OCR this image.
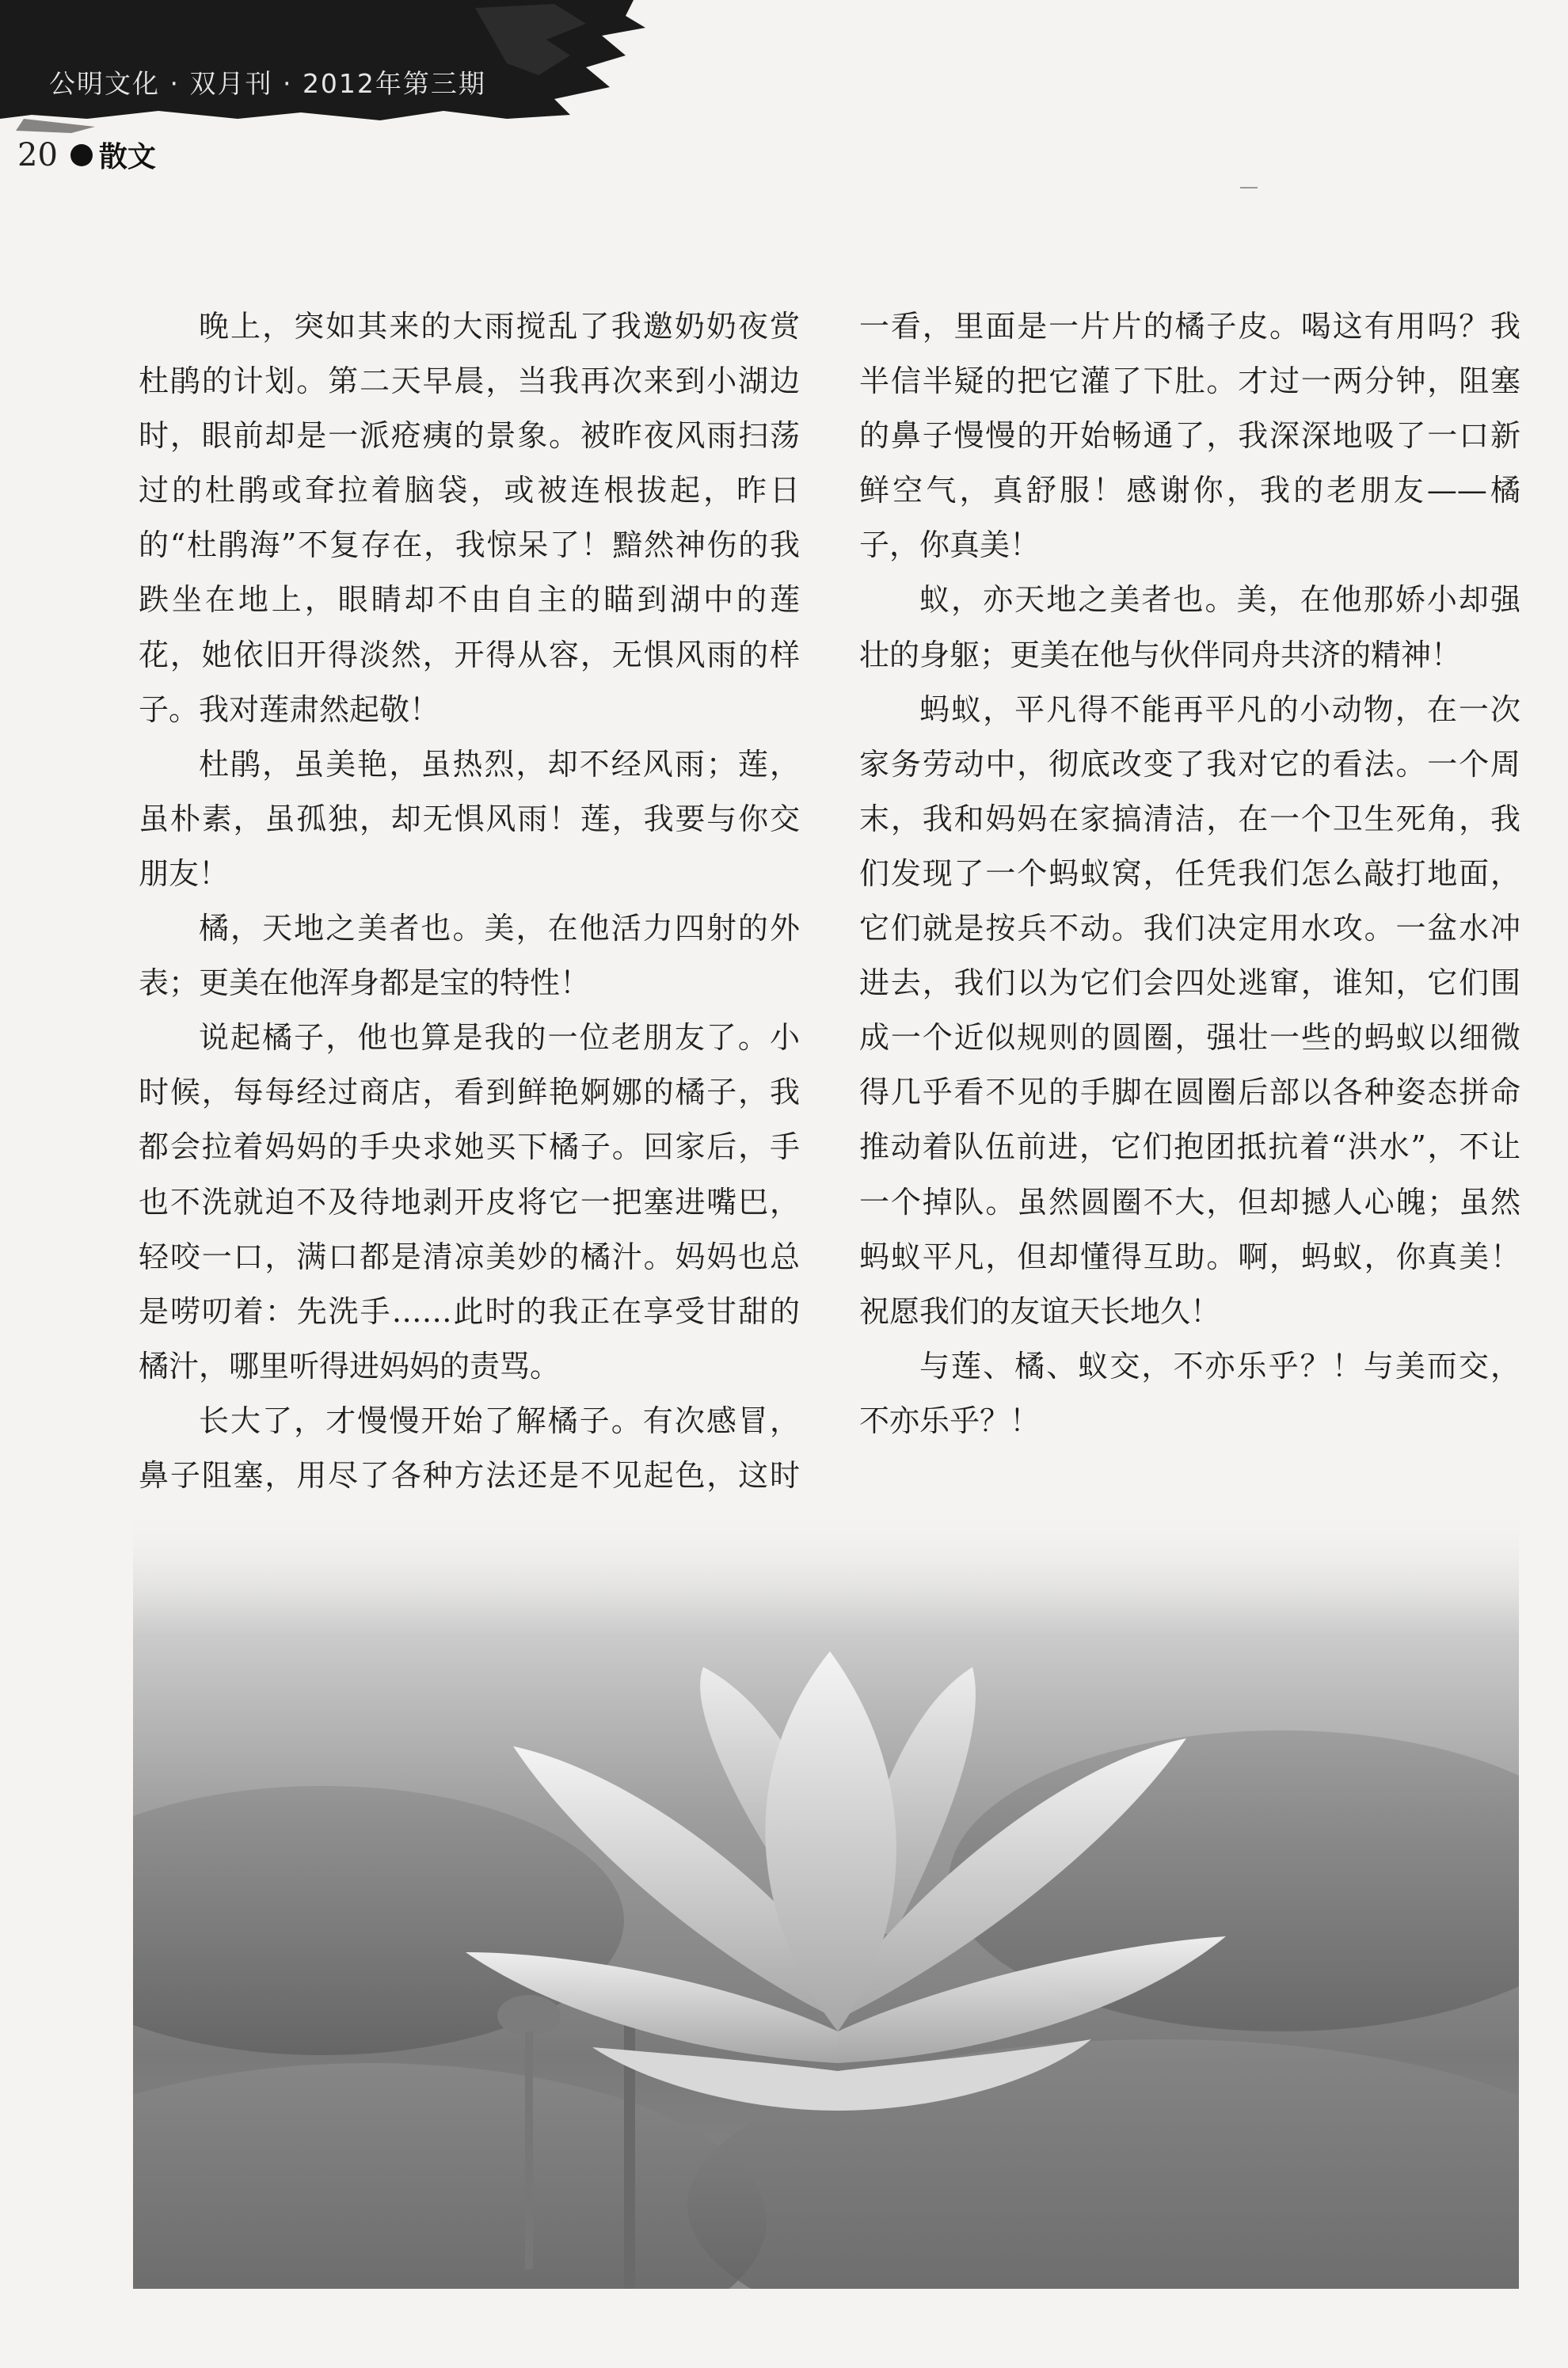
公明文化 · 双月刊 · 2012年第三期
20 散文

晚上，突如其来的大雨搅乱了我邀奶奶夜赏杜鹃的计划。第二天早晨，当我再次来到小湖边时，眼前却是一派疮痍的景象。被昨夜风雨扫荡过的杜鹃或耷拉着脑袋，或被连根拔起，昨日的“杜鹃海”不复存在，我惊呆了！黯然神伤的我跌坐在地上，眼睛却不由自主的瞄到湖中的莲花，她依旧开得淡然，开得从容，无惧风雨的样子。我对莲肃然起敬！

杜鹃，虽美艳，虽热烈，却不经风雨；莲，虽朴素，虽孤独，却无惧风雨！莲，我要与你交朋友！

橘，天地之美者也。美，在他活力四射的外表；更美在他浑身都是宝的特性！

说起橘子，他也算是我的一位老朋友了。小时候，每每经过商店，看到鲜艳婀娜的橘子，我都会拉着妈妈的手央求她买下橘子。回家后，手也不洗就迫不及待地剥开皮将它一把塞进嘴巴，轻咬一口，满口都是清凉美妙的橘汁。妈妈也总是唠叨着：先洗手……此时的我正在享受甘甜的橘汁，哪里听得进妈妈的责骂。

长大了，才慢慢开始了解橘子。有次感冒，鼻子阻塞，用尽了各种方法还是不见起色，这时

一看，里面是一片片的橘子皮。喝这有用吗？我半信半疑的把它灌了下肚。才过一两分钟，阻塞的鼻子慢慢的开始畅通了，我深深地吸了一口新鲜空气，真舒服！感谢你，我的老朋友——橘子，你真美！

蚁，亦天地之美者也。美，在他那娇小却强壮的身躯；更美在他与伙伴同舟共济的精神！

蚂蚁，平凡得不能再平凡的小动物，在一次家务劳动中，彻底改变了我对它的看法。一个周末，我和妈妈在家搞清洁，在一个卫生死角，我们发现了一个蚂蚁窝，任凭我们怎么敲打地面，它们就是按兵不动。我们决定用水攻。一盆水冲进去，我们以为它们会四处逃窜，谁知，它们围成一个近似规则的圆圈，强壮一些的蚂蚁以细微得几乎看不见的手脚在圆圈后部以各种姿态拼命推动着队伍前进，它们抱团抵抗着“洪水”，不让一个掉队。虽然圆圈不大，但却撼人心魄；虽然蚂蚁平凡，但却懂得互助。啊，蚂蚁，你真美！祝愿我们的友谊天长地久！

与莲、橘、蚁交，不亦乐乎？！与美而交，不亦乐乎？！
